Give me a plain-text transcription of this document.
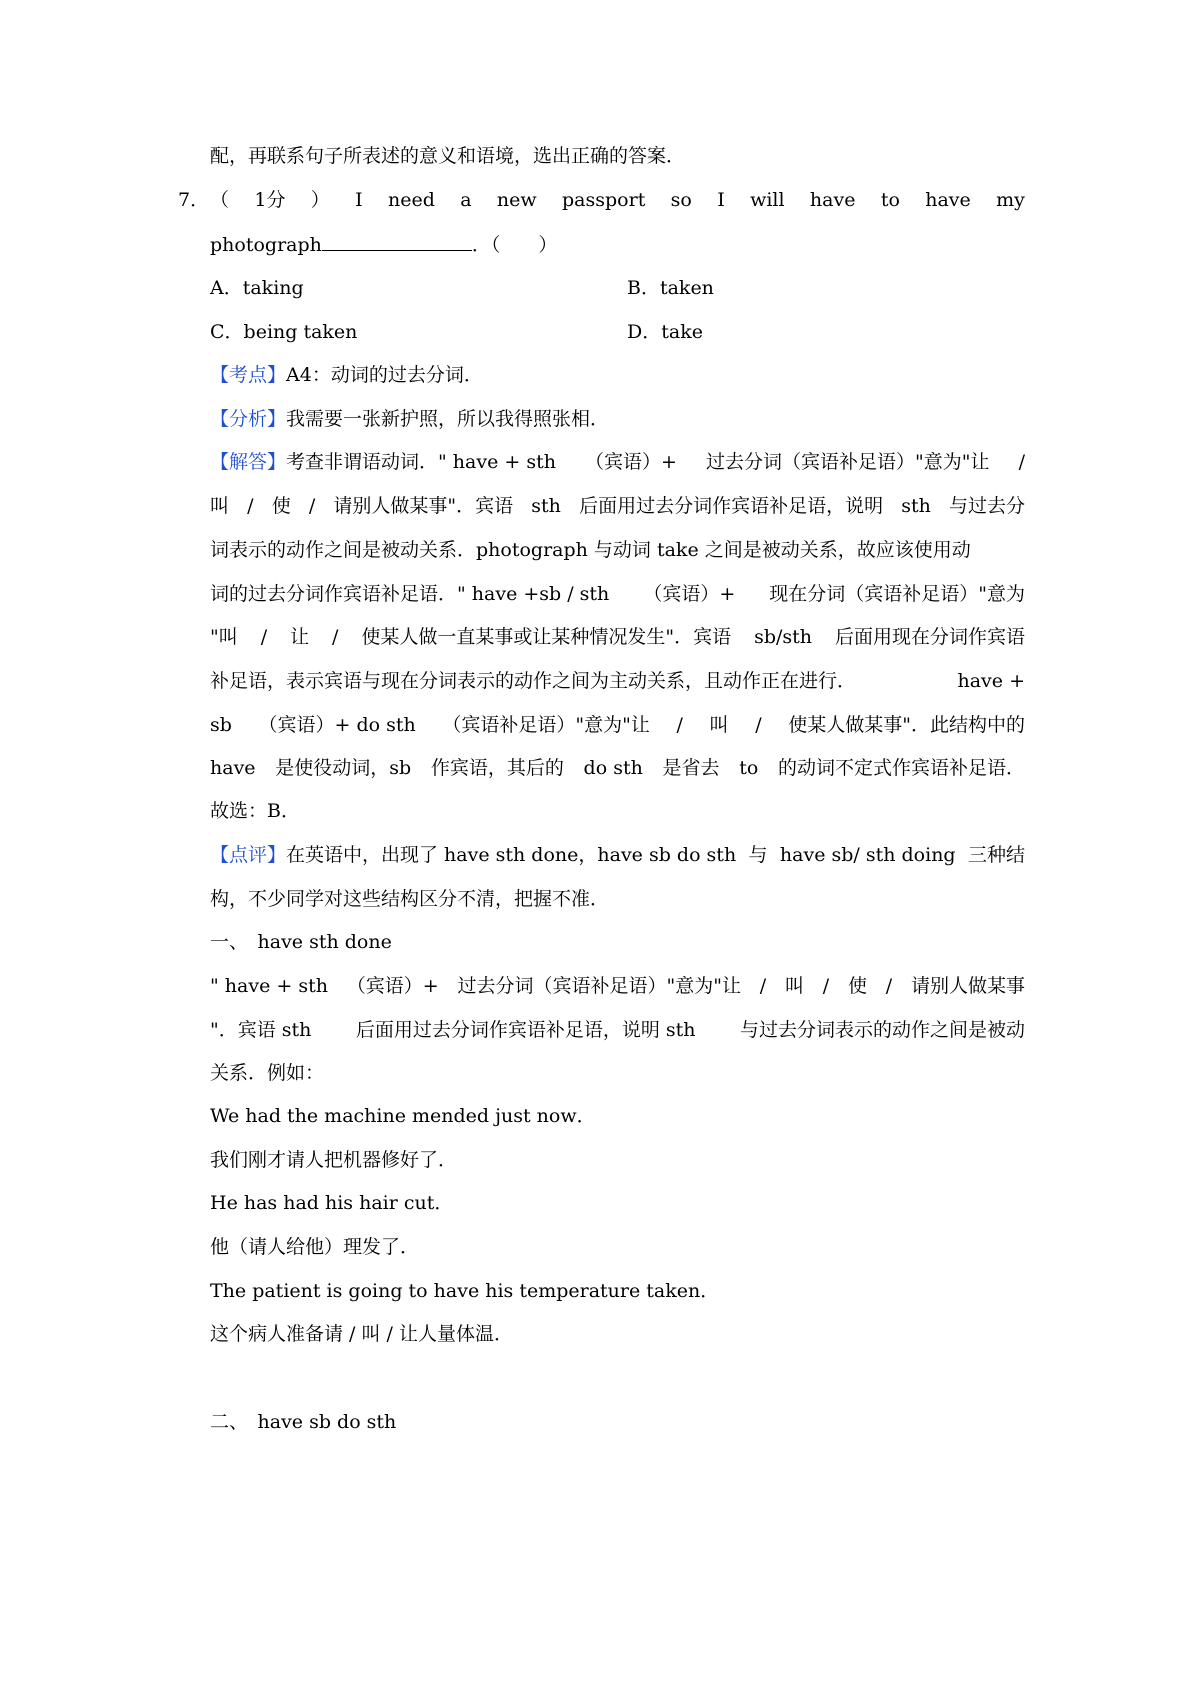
配，再联系句子所表述的意义和语境，选出正确的答案．
7． （ 1分 ） I need a new passport so I will have to have my
photograph	．（　　）
A．taking	B．taken
C．being taken	D．take
【考点】A4：动词的过去分词．
【分析】我需要一张新护照，所以我得照张相．
【解答】考查非谓语动词．" have + sth （宾语）+ 过去分词（宾语补足语）"意为"让 /
叫 / 使 / 请别人做某事"．宾语 sth 后面用过去分词作宾语补足语，说明 sth 与过去分
词表示的动作之间是被动关系．photograph 与动词 take 之间是被动关系，故应该使用动
词的过去分词作宾语补足语．" have +sb / sth （宾语）+ 现在分词（宾语补足语）"意为
"叫 / 让 / 使某人做一直某事或让某种情况发生"．宾语 sb/sth 后面用现在分词作宾语
补足语，表示宾语与现在分词表示的动作之间为主动关系，且动作正在进行．	have +
sb （宾语）+ do sth （宾语补足语）"意为"让 / 叫 / 使某人做某事"．此结构中的
have 是使役动词，sb 作宾语，其后的 do sth 是省去 to 的动词不定式作宾语补足语．
故选：B．
【点评】在英语中，出现了 have sth done，have sb do sth 与 have sb/ sth doing 三种结
构，不少同学对这些结构区分不清，把握不准．
一、　have sth done
" have + sth （宾语）+ 过去分词（宾语补足语）"意为"让 / 叫 / 使 / 请别人做某事
"．宾语 sth 后面用过去分词作宾语补足语，说明 sth 与过去分词表示的动作之间是被动
关系．例如：
We had the machine mended just now．
我们刚才请人把机器修好了．
He has had his hair cut．
他（请人给他）理发了．
The patient is going to have his temperature taken．
这个病人准备请 / 叫 / 让人量体温．
二、　have sb do sth
